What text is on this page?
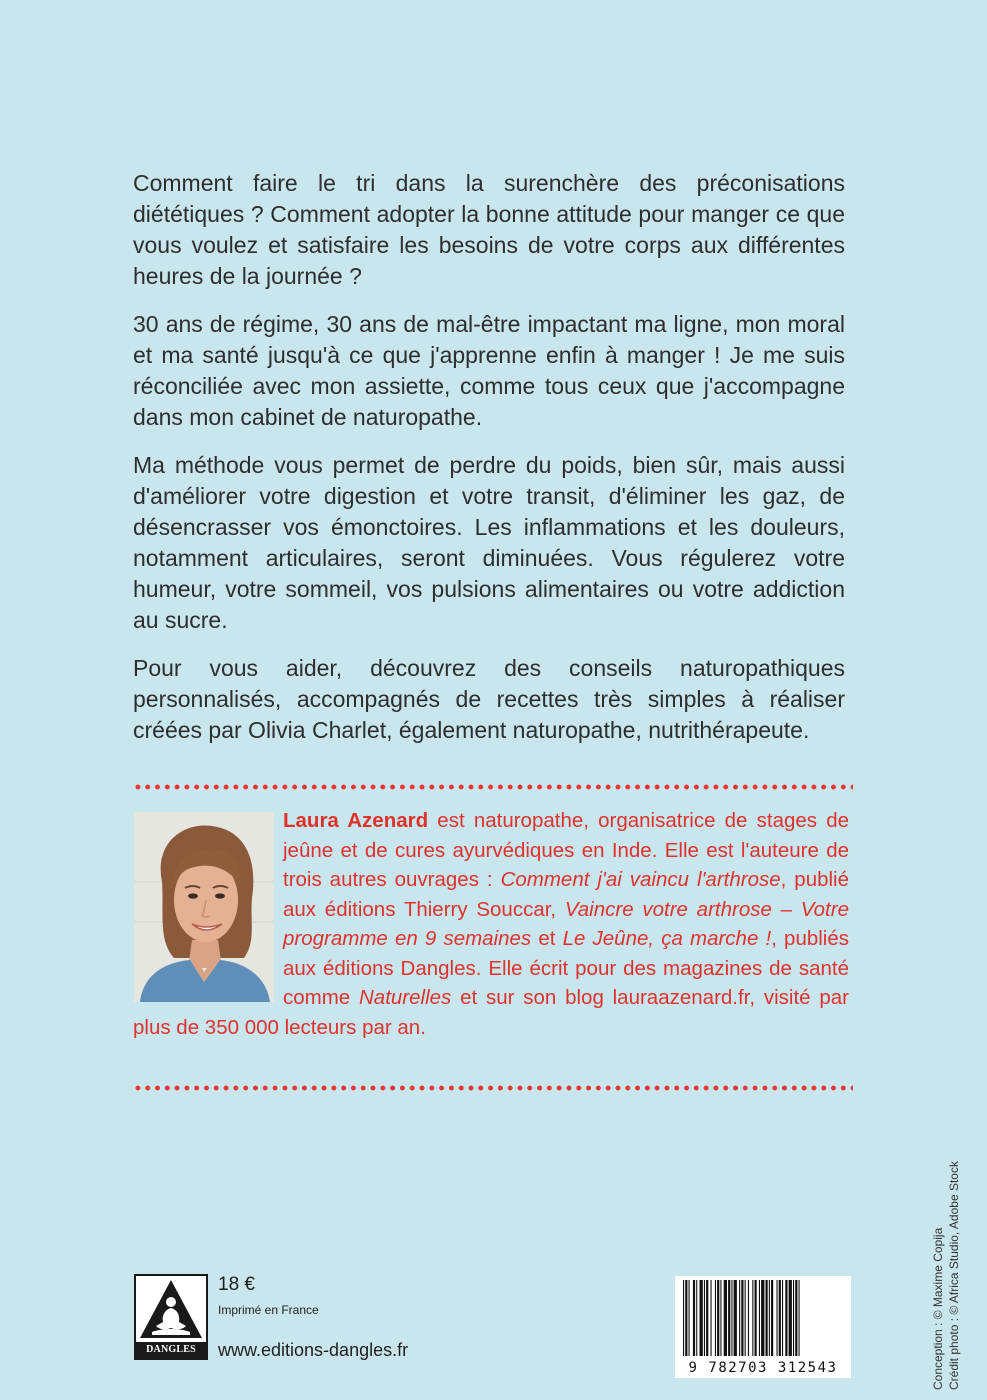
Comment faire le tri dans la surenchère des préconisations diététiques ? Comment adopter la bonne attitude pour manger ce que vous voulez et satisfaire les besoins de votre corps aux différentes heures de la journée ?

30 ans de régime, 30 ans de mal-être impactant ma ligne, mon moral et ma santé jusqu'à ce que j'apprenne enfin à manger ! Je me suis réconciliée avec mon assiette, comme tous ceux que j'accompagne dans mon cabinet de naturopathe.

Ma méthode vous permet de perdre du poids, bien sûr, mais aussi d'améliorer votre digestion et votre transit, d'éliminer les gaz, de désencrasser vos émonctoires. Les inflammations et les douleurs, notamment articulaires, seront diminuées. Vous régulerez votre humeur, votre sommeil, vos pulsions alimentaires ou votre addiction au sucre.

Pour vous aider, découvrez des conseils naturopathiques personnalisés, accompagnés de recettes très simples à réaliser créées par Olivia Charlet, également naturopathe, nutrithérapeute.

Laura Azenard est naturopathe, organisatrice de stages de jeûne et de cures ayurvédiques en Inde. Elle est l'auteure de trois autres ouvrages : Comment j'ai vaincu l'arthrose, publié aux éditions Thierry Souccar, Vaincre votre arthrose – Votre programme en 9 semaines et Le Jeûne, ça marche !, publiés aux éditions Dangles. Elle écrit pour des magazines de santé comme Naturelles et sur son blog lauraazenard.fr, visité par plus de 350 000 lecteurs par an.
DANGLES
18 €
Imprimé en France
www.editions-dangles.fr
9 782703 312543	Conception : © Maxime Copija Crédit photo : © Africa Studio, Adobe Stock
